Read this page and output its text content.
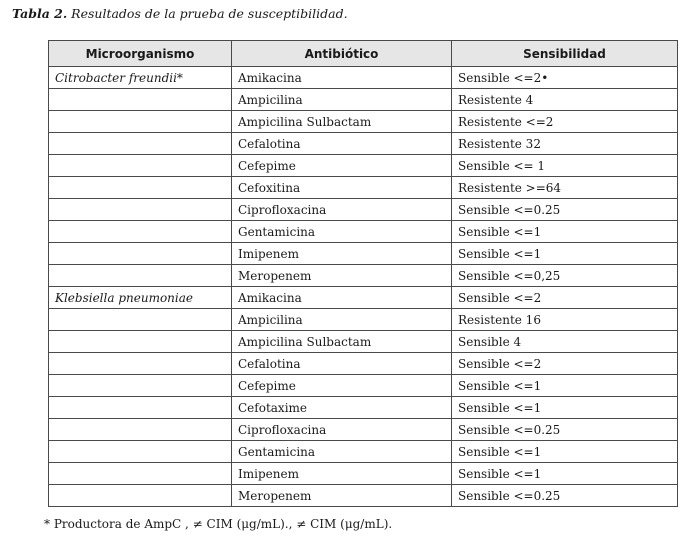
Tabla 2. Resultados de la prueba de susceptibilidad.
Microorganismo	Antibiótico	Sensibilidad
Citrobacter freundii*	Amikacina	Sensible <=2•
	Ampicilina	Resistente 4
	Ampicilina Sulbactam	Resistente <=2
	Cefalotina	Resistente 32
	Cefepime	Sensible <= 1
	Cefoxitina	Resistente >=64
	Ciprofloxacina	Sensible <=0.25
	Gentamicina	Sensible <=1
	Imipenem	Sensible <=1
	Meropenem	Sensible <=0,25
Klebsiella pneumoniae	Amikacina	Sensible <=2
	Ampicilina	Resistente 16
	Ampicilina Sulbactam	Sensible 4
	Cefalotina	Sensible <=2
	Cefepime	Sensible <=1
	Cefotaxime	Sensible <=1
	Ciprofloxacina	Sensible <=0.25
	Gentamicina	Sensible <=1
	Imipenem	Sensible <=1
	Meropenem	Sensible <=0.25
* Productora de AmpC , ≠ CIM (μg/mL)., ≠ CIM (μg/mL).
